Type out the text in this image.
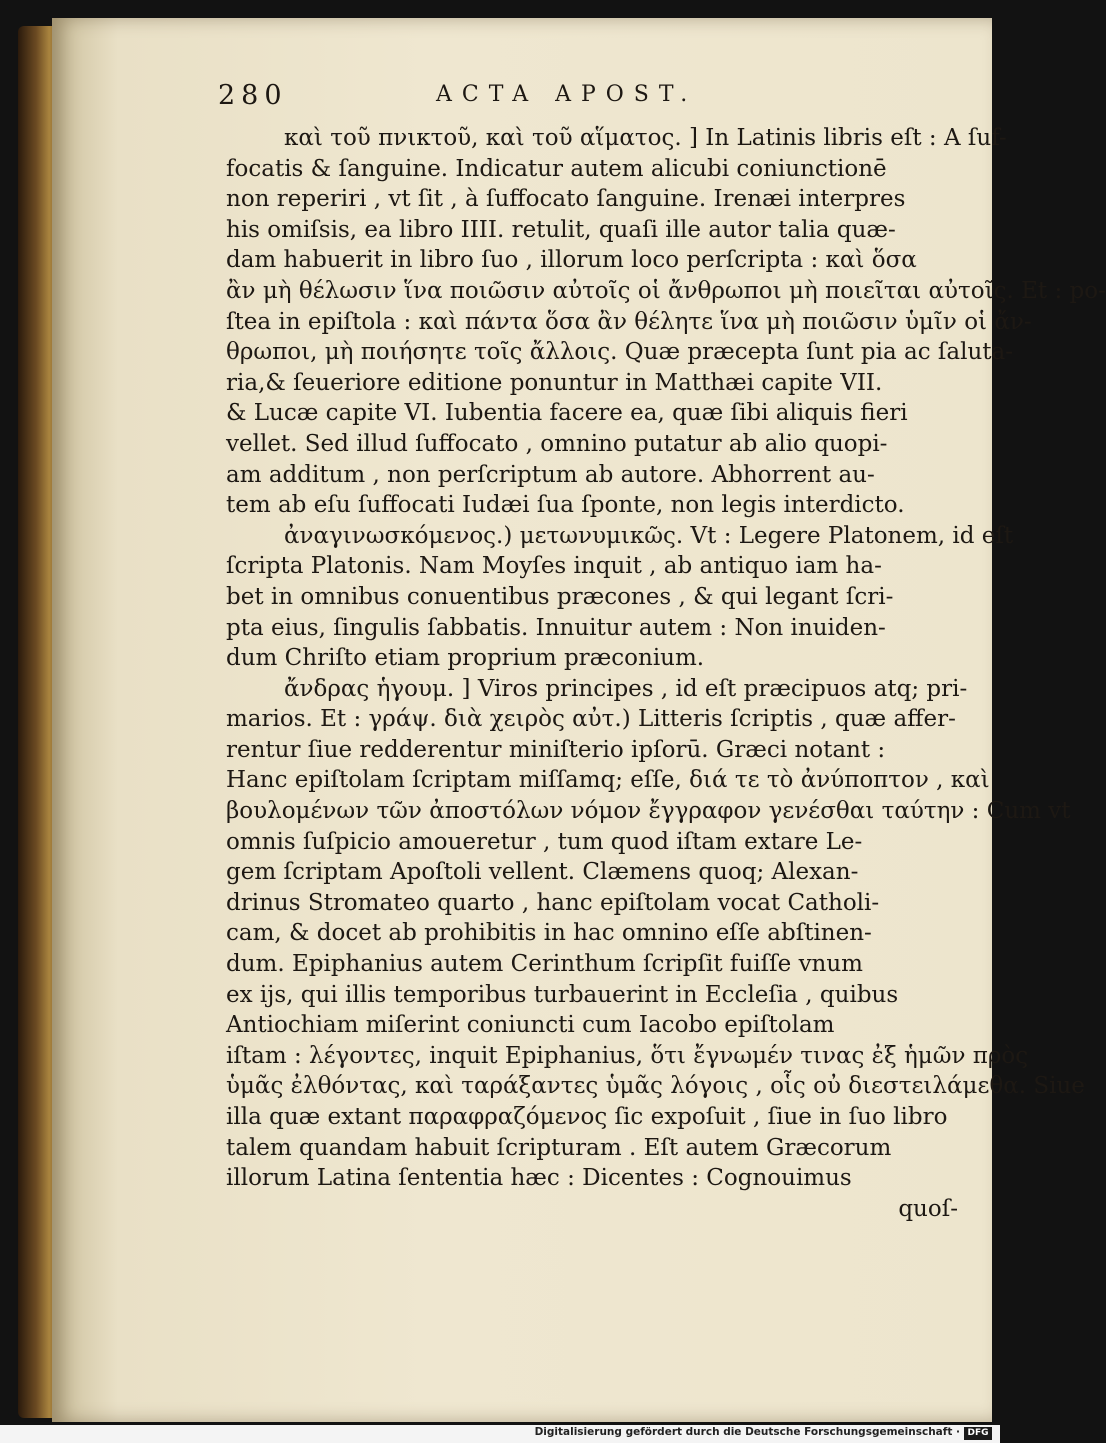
280	ACTA APOST.
καὶ τοῦ πνικτοῦ, καὶ τοῦ αἵματος. ] In Latinis libris eſt : A ſuf-
focatis & ſanguine. Indicatur autem alicubi coniunctionē
non reperiri , vt ſit , à ſuffocato ſanguine. Irenæi interpres
his omiſsis, ea libro IIII. retulit, quaſi ille autor talia quæ-
dam habuerit in libro ſuo , illorum loco perſcripta : καὶ ὅσα
ἂν μὴ θέλωσιν ἵνα ποιῶσιν αὐτοῖς οἱ ἄνθρωποι μὴ ποιεῖται αὐτοῖς. Et : po-
ſtea in epiſtola : καὶ πάντα ὅσα ἂν θέλητε ἵνα μὴ ποιῶσιν ὑμῖν οἱ ἄν-
θρωποι, μὴ ποιήσητε τοῖς ἄλλοις. Quæ præcepta ſunt pia ac ſaluta-
ria,& ſeueriore editione ponuntur in Matthæi capite VII.
& Lucæ capite VI. Iubentia facere ea, quæ ſibi aliquis fieri
vellet. Sed illud ſuffocato , omnino putatur ab alio quopi-
am additum , non perſcriptum ab autore. Abhorrent au-
tem ab eſu ſuffocati Iudæi ſua ſponte, non legis interdicto.
ἀναγινωσκόμενος.) μετωνυμικῶς. Vt : Legere Platonem, id eſt
ſcripta Platonis. Nam Moyſes inquit , ab antiquo iam ha-
bet in omnibus conuentibus præcones , & qui legant ſcri-
pta eius, ſingulis ſabbatis. Innuitur autem : Non inuiden-
dum Chriſto etiam proprium præconium.
ἄνδρας ἡγουμ. ] Viros principes , id eſt præcipuos atq; pri-
marios. Et : γράψ. διὰ χειρὸς αὐτ.) Litteris ſcriptis , quæ affer-
rentur ſiue redderentur miniſterio ipſorū. Græci notant :
Hanc epiſtolam ſcriptam miſſamq; eſſe, διά τε τὸ ἀνύποπτον , καὶ
βουλομένων τῶν ἀποστόλων νόμον ἔγγραφον γενέσθαι ταύτην : Cum vt
omnis ſuſpicio amoueretur , tum quod iſtam extare Le-
gem ſcriptam Apoſtoli vellent. Clæmens quoq; Alexan-
drinus Stromateo quarto , hanc epiſtolam vocat Catholi-
cam, & docet ab prohibitis in hac omnino eſſe abſtinen-
dum. Epiphanius autem Cerinthum ſcripſit fuiſſe vnum
ex ijs, qui illis temporibus turbauerint in Eccleſia , quibus
Antiochiam miſerint coniuncti cum Iacobo epiſtolam
iſtam : λέγοντες, inquit Epiphanius, ὅτι ἔγνωμέν τινας ἐξ ἡμῶν πρὸς
ὑμᾶς ἐλθόντας, καὶ ταράξαντες ὑμᾶς λόγοις , οἷς οὐ διεστειλάμεθα. Siue
illa quæ extant παραφραζόμενος ſic expoſuit , ſiue in ſuo libro
talem quandam habuit ſcripturam . Eſt autem Græcorum
illorum Latina ſententia hæc : Dicentes : Cognouimus
quoſ-
Digitalisierung gefördert durch die Deutsche Forschungsgemeinschaft · DFG
